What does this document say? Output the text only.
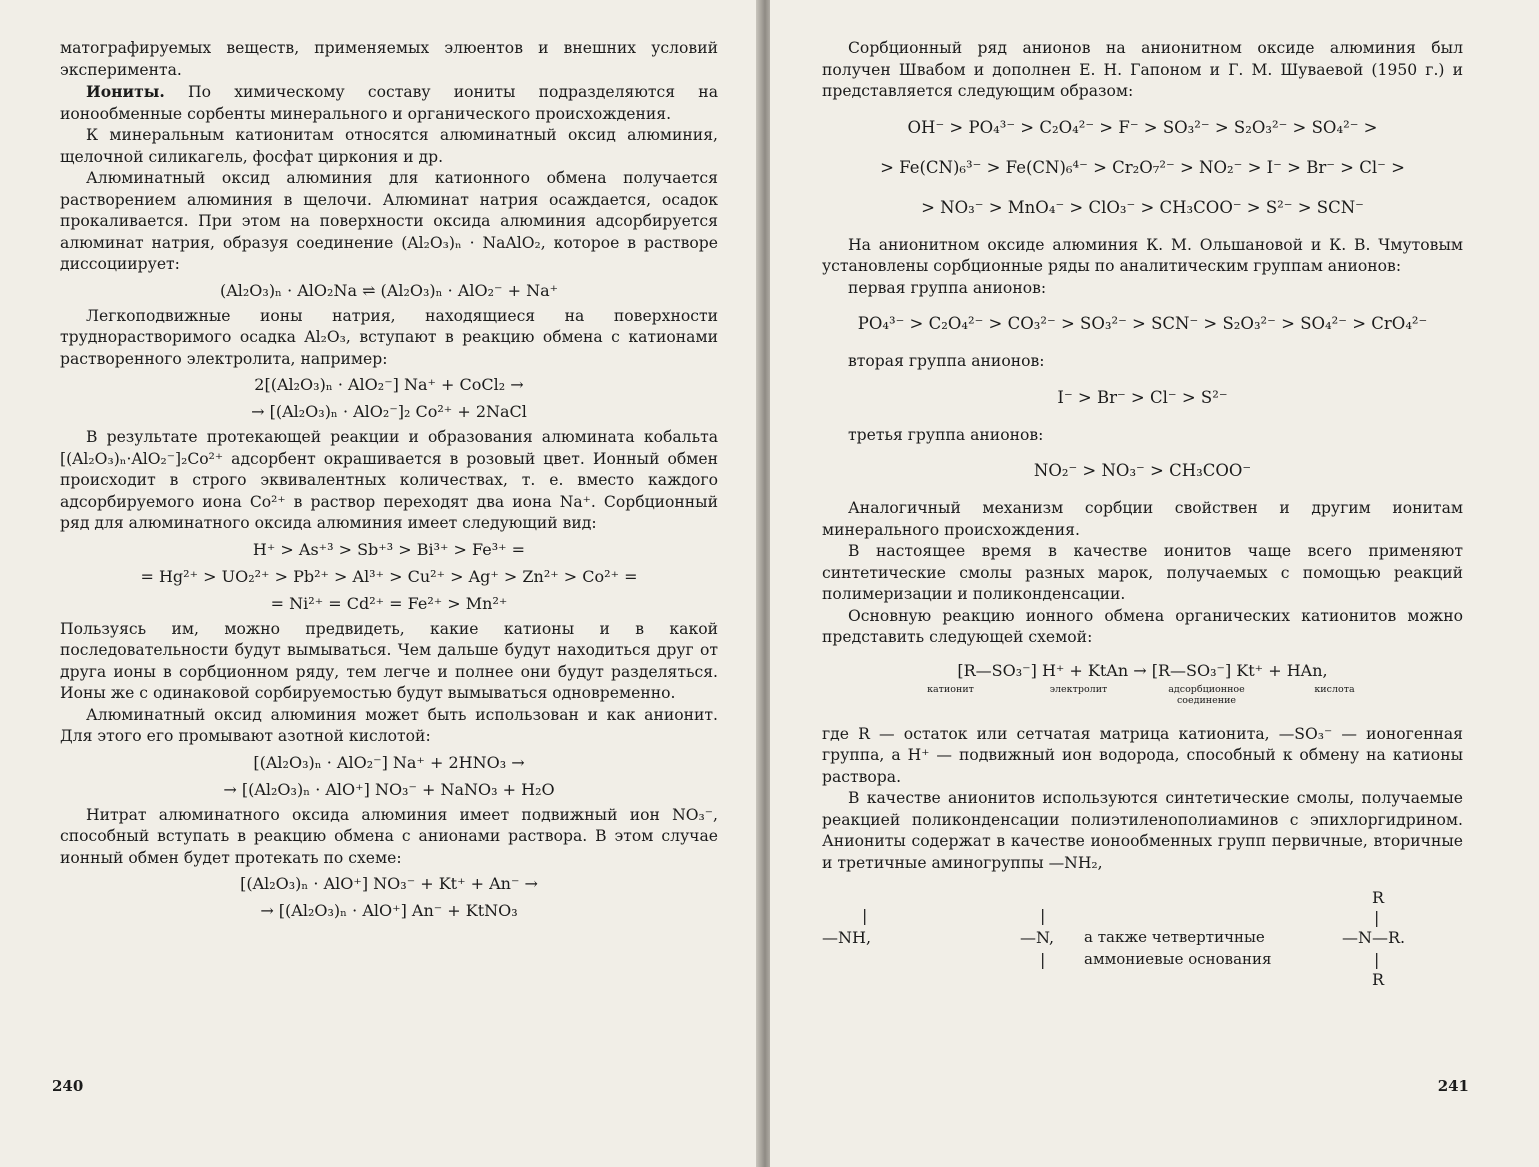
матографируемых веществ, применяемых элюентов и внешних условий эксперимента.

Иониты. По химическому составу иониты подразделяются на ионообменные сорбенты минерального и органического происхождения.

К минеральным катионитам относятся алюминатный оксид алюминия, щелочной силикагель, фосфат циркония и др.

Алюминатный оксид алюминия для катионного обмена получается растворением алюминия в щелочи. Алюминат натрия осаждается, осадок прокаливается. При этом на поверхности оксида алюминия адсорбируется алюминат натрия, образуя соединение (Al₂O₃)ₙ · NaAlO₂, которое в растворе диссоциирует:

(Al₂O₃)ₙ · AlO₂Na ⇌ (Al₂O₃)ₙ · AlO₂⁻ + Na⁺

Легкоподвижные ионы натрия, находящиеся на поверхности труднорастворимого осадка Al₂O₃, вступают в реакцию обмена с катионами растворенного электролита, например:

2[(Al₂O₃)ₙ · AlO₂⁻] Na⁺ + CoCl₂ →
→ [(Al₂O₃)ₙ · AlO₂⁻]₂ Co²⁺ + 2NaCl

В результате протекающей реакции и образования алюмината кобальта [(Al₂O₃)ₙ·AlO₂⁻]₂Co²⁺ адсорбент окрашивается в розовый цвет. Ионный обмен происходит в строго эквивалентных количествах, т. е. вместо каждого адсорбируемого иона Co²⁺ в раствор переходят два иона Na⁺. Сорбционный ряд для алюминатного оксида алюминия имеет следующий вид:

H⁺ > As⁺³ > Sb⁺³ > Bi³⁺ > Fe³⁺ =
= Hg²⁺ > UO₂²⁺ > Pb²⁺ > Al³⁺ > Cu²⁺ > Ag⁺ > Zn²⁺ > Co²⁺ =
= Ni²⁺ = Cd²⁺ = Fe²⁺ > Mn²⁺

Пользуясь им, можно предвидеть, какие катионы и в какой последовательности будут вымываться. Чем дальше будут находиться друг от друга ионы в сорбционном ряду, тем легче и полнее они будут разделяться. Ионы же с одинаковой сорбируемостью будут вымываться одновременно.

Алюминатный оксид алюминия может быть использован и как анионит. Для этого его промывают азотной кислотой:

[(Al₂O₃)ₙ · AlO₂⁻] Na⁺ + 2HNO₃ →
→ [(Al₂O₃)ₙ · AlO⁺] NO₃⁻ + NaNO₃ + H₂O

Нитрат алюминатного оксида алюминия имеет подвижный ион NO₃⁻, способный вступать в реакцию обмена с анионами раствора. В этом случае ионный обмен будет протекать по схеме:

[(Al₂O₃)ₙ · AlO⁺] NO₃⁻ + Kt⁺ + An⁻ →
→ [(Al₂O₃)ₙ · AlO⁺] An⁻ + KtNO₃
240

Сорбционный ряд анионов на анионитном оксиде алюминия был получен Швабом и дополнен Е. Н. Гапоном и Г. М. Шуваевой (1950 г.) и представляется следующим образом:

OH⁻ > PO₄³⁻ > C₂O₄²⁻ > F⁻ > SO₃²⁻ > S₂O₃²⁻ > SO₄²⁻ >
> Fe(CN)₆³⁻ > Fe(CN)₆⁴⁻ > Cr₂O₇²⁻ > NO₂⁻ > I⁻ > Br⁻ > Cl⁻ >
> NO₃⁻ > MnO₄⁻ > ClO₃⁻ > CH₃COO⁻ > S²⁻ > SCN⁻

На анионитном оксиде алюминия К. М. Ольшановой и К. В. Чмутовым установлены сорбционные ряды по аналитическим группам анионов:

первая группа анионов:

PO₄³⁻ > C₂O₄²⁻ > CO₃²⁻ > SO₃²⁻ > SCN⁻ > S₂O₃²⁻ > SO₄²⁻ > CrO₄²⁻

вторая группа анионов:

I⁻ > Br⁻ > Cl⁻ > S²⁻

третья группа анионов:

NO₂⁻ > NO₃⁻ > CH₃COO⁻

Аналогичный механизм сорбции свойствен и другим ионитам минерального происхождения.

В настоящее время в качестве ионитов чаще всего применяют синтетические смолы разных марок, получаемых с помощью реакций полимеризации и поликонденсации.

Основную реакцию ионного обмена органических катионитов можно представить следующей схемой:

[R—SO₃⁻] H⁺ + KtAn → [R—SO₃⁻] Kt⁺ + HAn,
катионит	электролит	адсорбционное соединение
кислота

где R — остаток или сетчатая матрица катионита, —SO₃⁻ — ионогенная группа, а H⁺ — подвижный ион водорода, способный к обмену на катионы раствора.

В качестве анионитов используются синтетические смолы, получаемые реакцией поликонденсации полиэтиленополиаминов с эпихлоргидрином. Аниониты содержат в качестве ионообменных групп первичные, вторичные и третичные аминогруппы —NH₂,

|
—NH,
|
—N,
|
а также четвертичные
аммониевые основания
R
|
—N—R.
|
R
241
